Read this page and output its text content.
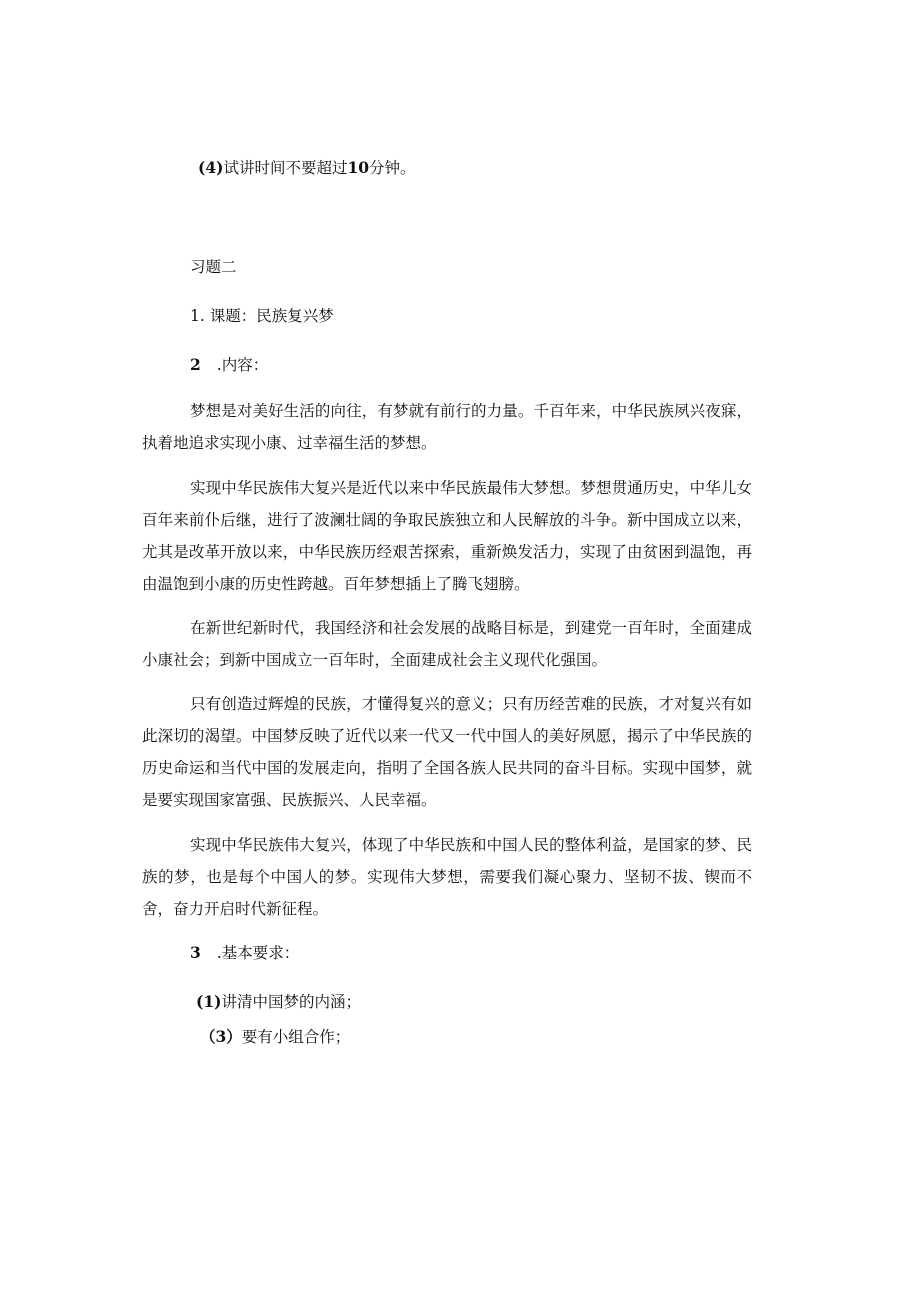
(4)试讲时间不要超过10分钟。
习题二
1. 课题：民族复兴梦
2 .内容：
梦想是对美好生活的向往，有梦就有前行的力量。千百年来，中华民族夙兴夜寐，执着地追求实现小康、过幸福生活的梦想。
实现中华民族伟大复兴是近代以来中华民族最伟大梦想。梦想贯通历史，中华儿女百年来前仆后继，进行了波澜壮阔的争取民族独立和人民解放的斗争。新中国成立以来，尤其是改革开放以来，中华民族历经艰苦探索，重新焕发活力，实现了由贫困到温饱，再由温饱到小康的历史性跨越。百年梦想插上了腾飞翅膀。
在新世纪新时代，我国经济和社会发展的战略目标是，到建党一百年时，全面建成小康社会；到新中国成立一百年时，全面建成社会主义现代化强国。
只有创造过辉煌的民族，才懂得复兴的意义；只有历经苦难的民族，才对复兴有如此深切的渴望。中国梦反映了近代以来一代又一代中国人的美好夙愿，揭示了中华民族的历史命运和当代中国的发展走向，指明了全国各族人民共同的奋斗目标。实现中国梦，就是要实现国家富强、民族振兴、人民幸福。
实现中华民族伟大复兴，体现了中华民族和中国人民的整体利益，是国家的梦、民族的梦，也是每个中国人的梦。实现伟大梦想，需要我们凝心聚力、坚韧不拔、锲而不舍，奋力开启时代新征程。
3 .基本要求：
(1)讲清中国梦的内涵；
（3）要有小组合作；
